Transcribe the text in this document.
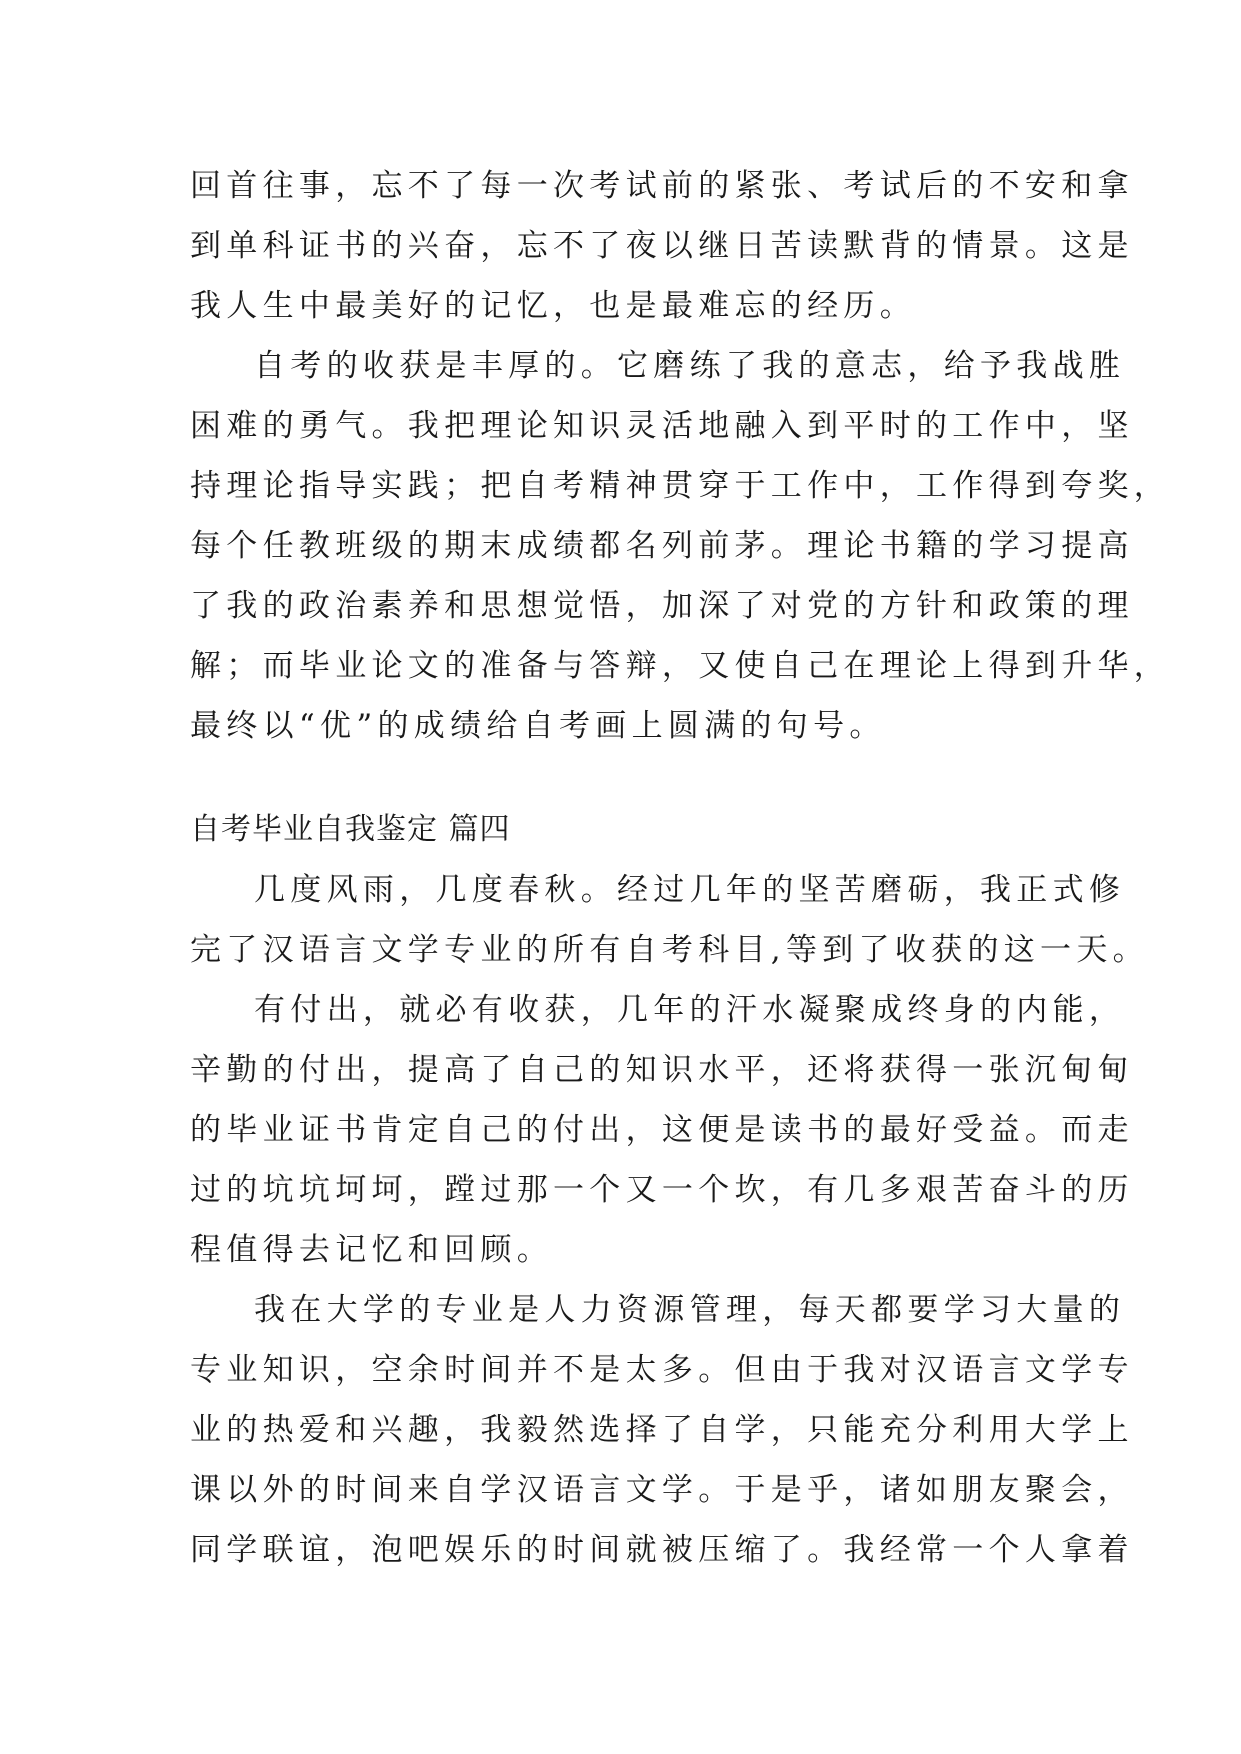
回首往事，忘不了每一次考试前的紧张、考试后的不安和拿
到单科证书的兴奋，忘不了夜以继日苦读默背的情景。这是
我人生中最美好的记忆，也是最难忘的经历。
自考的收获是丰厚的。它磨练了我的意志，给予我战胜
困难的勇气。我把理论知识灵活地融入到平时的工作中，坚
持理论指导实践；把自考精神贯穿于工作中，工作得到夸奖，
每个任教班级的期末成绩都名列前茅。理论书籍的学习提高
了我的政治素养和思想觉悟，加深了对党的方针和政策的理
解；而毕业论文的准备与答辩，又使自己在理论上得到升华，
最终以“优”的成绩给自考画上圆满的句号。
自考毕业自我鉴定 篇四
几度风雨，几度春秋。经过几年的坚苦磨砺，我正式修
完了汉语言文学专业的所有自考科目,等到了收获的这一天。
有付出，就必有收获，几年的汗水凝聚成终身的内能，
辛勤的付出，提高了自己的知识水平，还将获得一张沉甸甸
的毕业证书肯定自己的付出，这便是读书的最好受益。而走
过的坑坑坷坷，蹚过那一个又一个坎，有几多艰苦奋斗的历
程值得去记忆和回顾。
我在大学的专业是人力资源管理，每天都要学习大量的
专业知识，空余时间并不是太多。但由于我对汉语言文学专
业的热爱和兴趣，我毅然选择了自学，只能充分利用大学上
课以外的时间来自学汉语言文学。于是乎，诸如朋友聚会，
同学联谊，泡吧娱乐的时间就被压缩了。我经常一个人拿着
